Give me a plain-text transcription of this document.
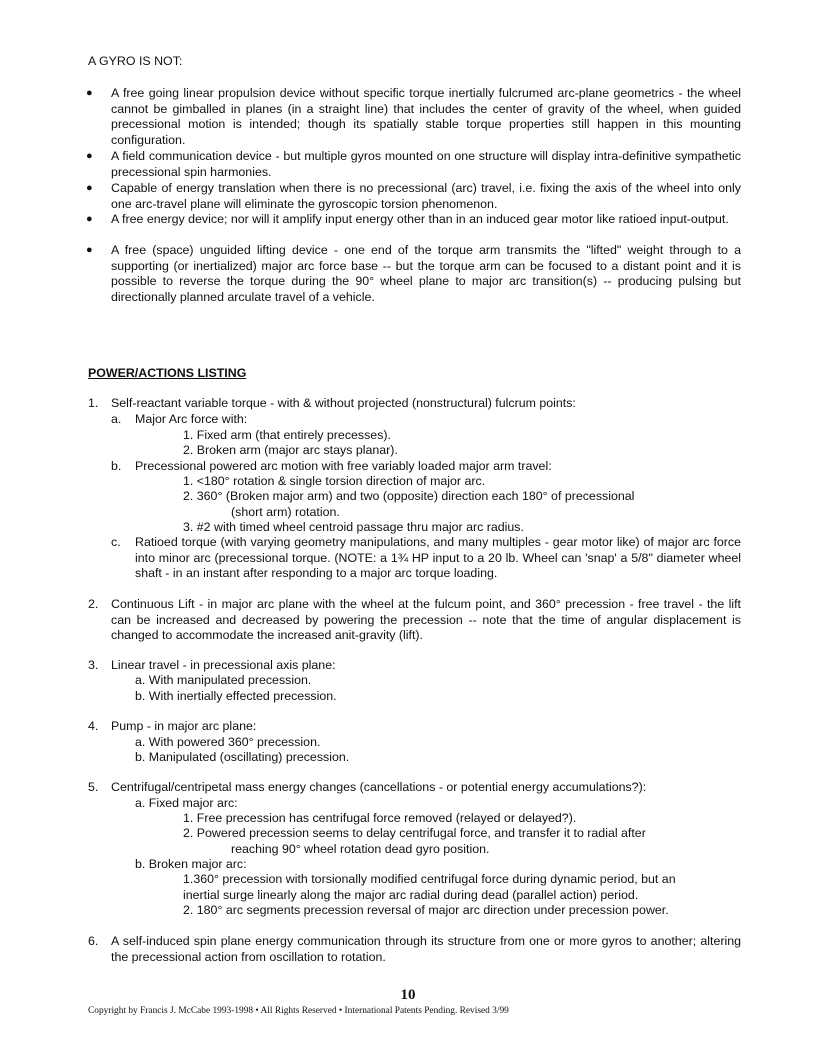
A GYRO IS NOT:
● A free going linear propulsion device without specific torque inertially fulcrumed arc-plane geometrics - the wheel cannot be gimballed in planes (in a straight line) that includes the center of gravity of the wheel, when guided precessional motion is intended; though its spatially stable torque properties still happen in this mounting configuration.
● A field communication device - but multiple gyros mounted on one structure will display intra-definitive sympathetic precessional spin harmonies.
● Capable of energy translation when there is no precessional (arc) travel, i.e. fixing the axis of the wheel into only one arc-travel plane will eliminate the gyroscopic torsion phenomenon.
● A free energy device; nor will it amplify input energy other than in an induced gear motor like ratioed input-output.
● A free (space) unguided lifting device - one end of the torque arm transmits the "lifted" weight through to a supporting (or inertialized) major arc force base -- but the torque arm can be focused to a distant point and it is possible to reverse the torque during the 90° wheel plane to major arc transition(s) -- producing pulsing but directionally planned arculate travel of a vehicle.
POWER/ACTIONS LISTING
1. Self-reactant variable torque - with & without projected (nonstructural) fulcrum points:
a. Major Arc force with:
1. Fixed arm (that entirely precesses).
2. Broken arm (major arc stays planar).
b. Precessional powered arc motion with free variably loaded major arm travel:
1. <180° rotation & single torsion direction of major arc.
2. 360° (Broken major arm) and two (opposite) direction each 180° of precessional
(short arm) rotation.
3. #2 with timed wheel centroid passage thru major arc radius.
c. Ratioed torque (with varying geometry manipulations, and many multiples - gear motor like) of major arc force into minor arc (precessional torque. (NOTE: a 1¾ HP input to a 20 lb. Wheel can 'snap' a 5/8" diameter wheel shaft - in an instant after responding to a major arc torque loading.
2. Continuous Lift - in major arc plane with the wheel at the fulcum point, and 360° precession - free travel - the lift can be increased and decreased by powering the precession -- note that the time of angular displacement is changed to accommodate the increased anit-gravity (lift).
3. Linear travel - in precessional axis plane:
a. With manipulated precession.
b. With inertially effected precession.
4. Pump - in major arc plane:
a. With powered 360° precession.
b. Manipulated (oscillating) precession.
5. Centrifugal/centripetal mass energy changes (cancellations - or potential energy accumulations?):
a. Fixed major arc:
1. Free precession has centrifugal force removed (relayed or delayed?).
2. Powered precession seems to delay centrifugal force, and transfer it to radial after
reaching 90° wheel rotation dead gyro position.
b. Broken major arc:
1.360° precession with torsionally modified centrifugal force during dynamic period, but an
inertial surge linearly along the major arc radial during dead (parallel action) period.
2. 180° arc segments precession reversal of major arc direction under precession power.
6. A self-induced spin plane energy communication through its structure from one or more gyros to another; altering the precessional action from oscillation to rotation.
10
Copyright by Francis J. McCabe 1993-1998 • All Rights Reserved • International Patents Pending. Revised 3/99
